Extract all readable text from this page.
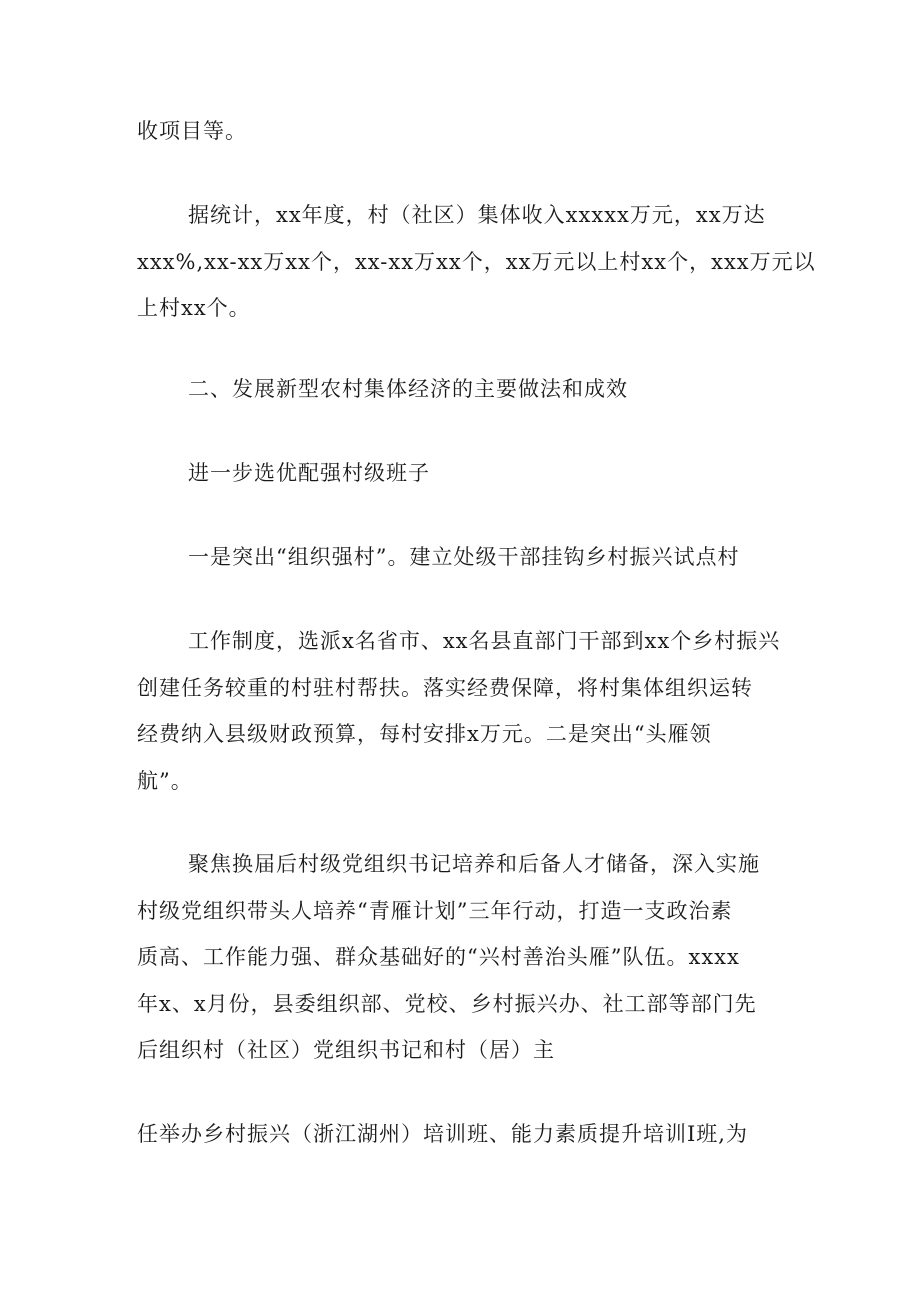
收项目等。
据统计，xx年度，村（社区）集体收入xxxxx万元，xx万达
xxx%,xx-xx万xx个，xx-xx万xx个，xx万元以上村xx个，xxx万元以
上村xx个。
二、发展新型农村集体经济的主要做法和成效
进一步选优配强村级班子
一是突出“组织强村”。建立处级干部挂钩乡村振兴试点村
工作制度，选派x名省市、xx名县直部门干部到xx个乡村振兴
创建任务较重的村驻村帮扶。落实经费保障，将村集体组织运转
经费纳入县级财政预算，每村安排x万元。二是突出“头雁领
航”。
聚焦换届后村级党组织书记培养和后备人才储备，深入实施
村级党组织带头人培养“青雁计划”三年行动，打造一支政治素
质高、工作能力强、群众基础好的“兴村善治头雁”队伍。xxxx
年x、x月份，县委组织部、党校、乡村振兴办、社工部等部门先
后组织村（社区）党组织书记和村（居）主
任举办乡村振兴（浙江湖州）培训班、能力素质提升培训I班,为
